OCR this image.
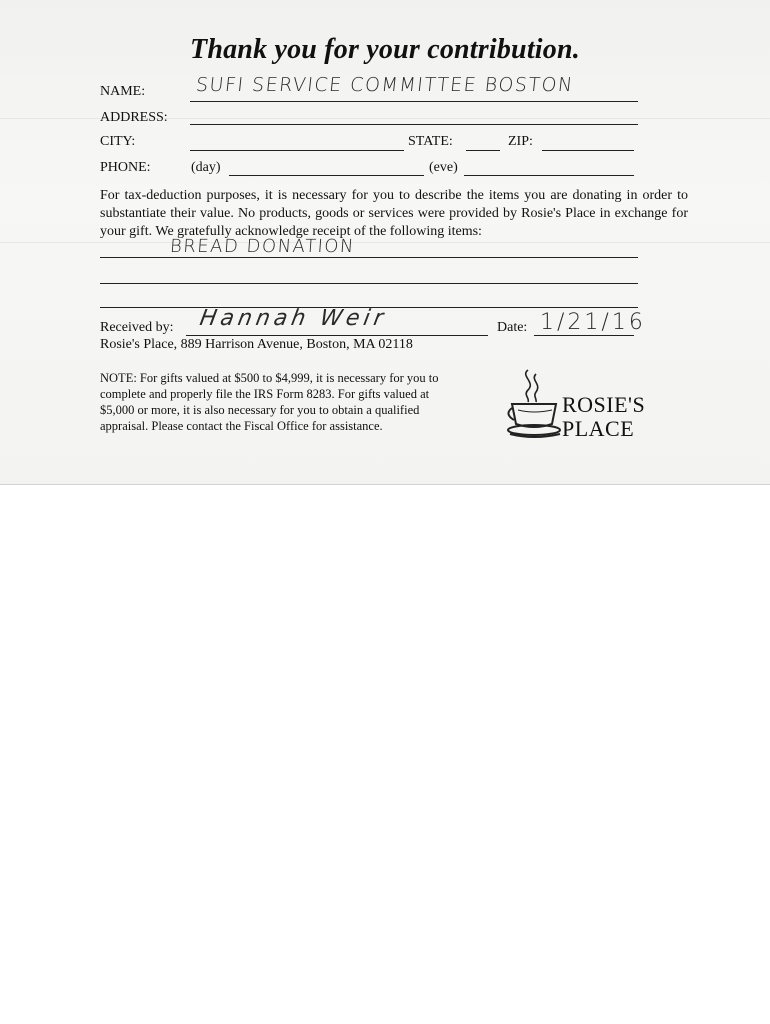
Thank you for your contribution.
NAME:	SUFI SERVICE COMMITTEE BOSTON
ADDRESS:
CITY:	STATE:	ZIP:
PHONE:	(day)	(eve)
For tax-deduction purposes, it is necessary for you to describe the items you are donating in order to substantiate their value. No products, goods or services were provided by Rosie's Place in exchange for your gift. We gratefully acknowledge receipt of the following items:
BREAD DONATION
Received by: Hannah Weir	Date: 1/21/16
Rosie's Place, 889 Harrison Avenue, Boston, MA 02118
NOTE: For gifts valued at $500 to $4,999, it is necessary for you to complete and properly file the IRS Form 8283. For gifts valued at $5,000 or more, it is also necessary for you to obtain a qualified appraisal. Please contact the Fiscal Office for assistance.
ROSIE'S
PLACE
